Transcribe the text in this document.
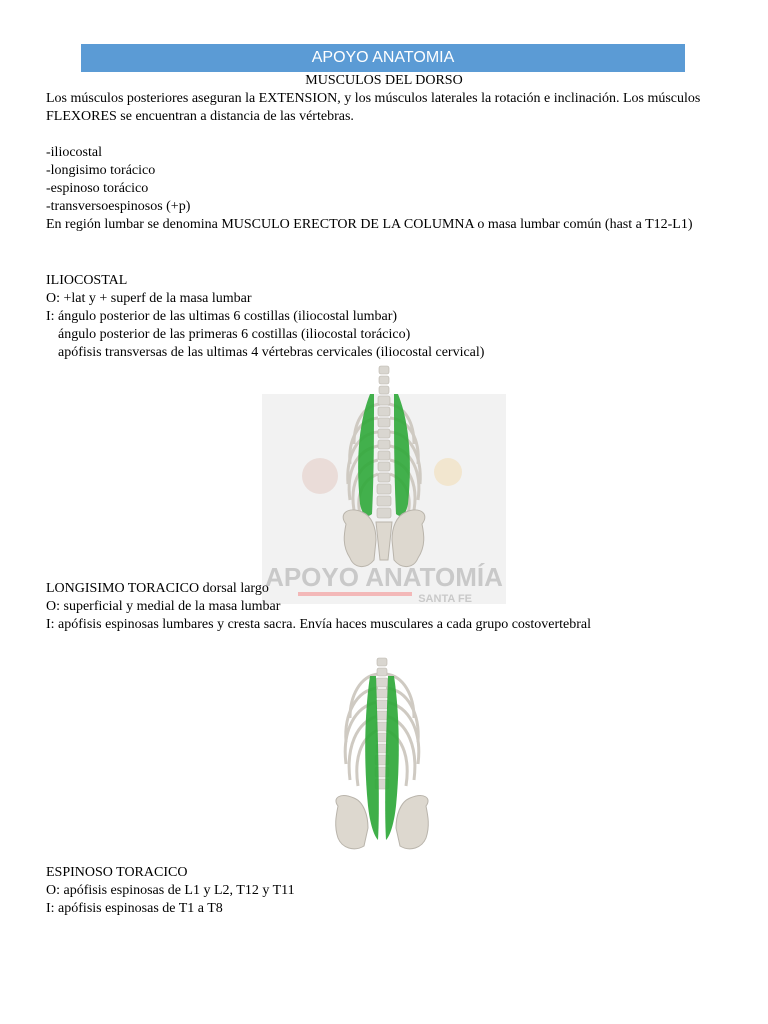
APOYO ANATOMIA
MUSCULOS DEL DORSO

Los músculos posteriores aseguran la EXTENSION, y los músculos laterales la rotación e inclinación. Los músculos FLEXORES se encuentran a distancia de las vértebras.

-iliocostal

-longisimo torácico

-espinoso torácico

-transversoespinosos (+p)

En región lumbar se denomina MUSCULO ERECTOR DE LA COLUMNA o masa lumbar común (hast a T12-L1)

ILIOCOSTAL

O: +lat y + superf de la masa lumbar

I: ángulo posterior de las ultimas 6 costillas (iliocostal lumbar)

ángulo posterior de las primeras 6 costillas (iliocostal torácico)

apófisis transversas de las ultimas 4 vértebras cervicales (iliocostal cervical)

APOYO ANATOMÍA
SANTA FE

LONGISIMO TORACICO dorsal largo

O: superficial y medial de la masa lumbar

I: apófisis espinosas lumbares y cresta sacra. Envía haces musculares a cada grupo costovertebral

ESPINOSO TORACICO

O: apófisis espinosas de L1 y L2, T12 y T11

I: apófisis espinosas de T1 a T8
